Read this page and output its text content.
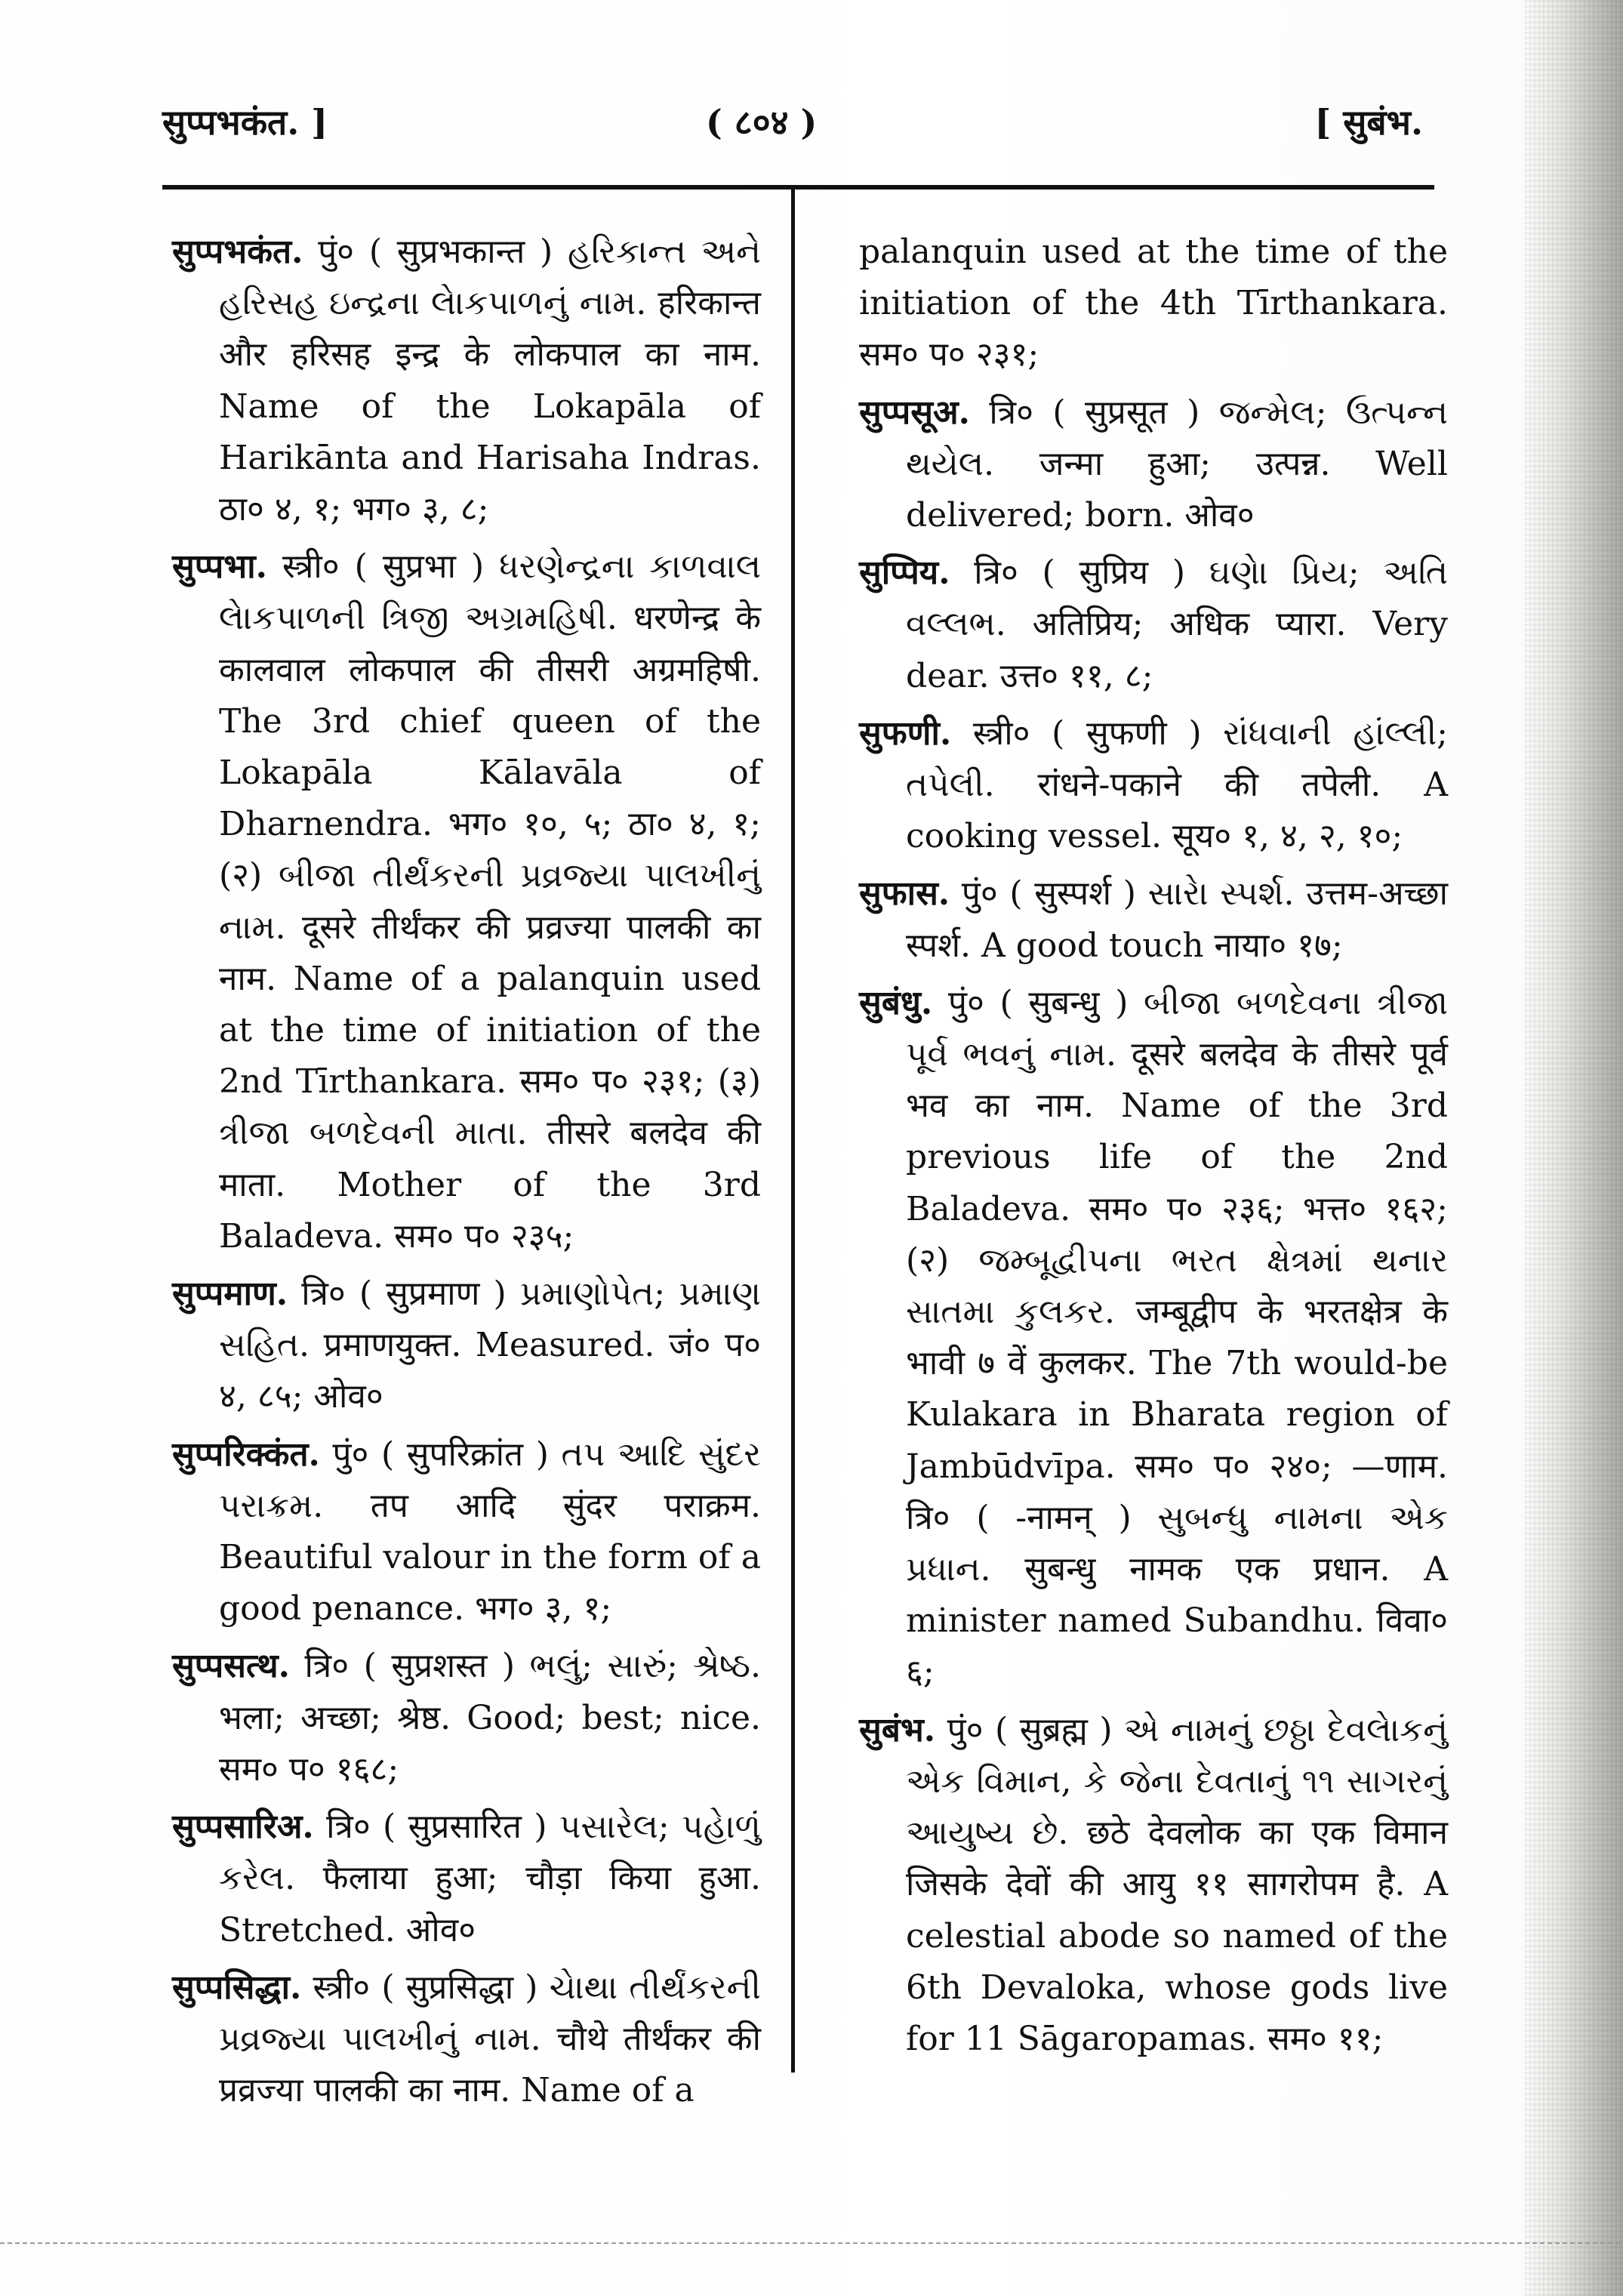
सुप्पभकंत. ]	( ८०४ )	[ सुबंभ.

सुप्पभकंत. पुं० ( सुप्रभकान्त ) હરિકાન્ત અને હરિસહ ઇન્દ્રના લેાકપાળનું નામ. हरिकान्त और हरिसह इन्द्र के लोकपाल का नाम. Name of the Lokapāla of Harikānta and Harisaha Indras. ठा० ४, १; भग० ३, ८;

सुप्पभा. स्त्री० ( सुप्रभा ) ધરણેન્દ્રના કાળવાલ લેાકપાળની ત્રિજી અગ્રમહિષી. धरणेन्द्र के कालवाल लोकपाल की तीसरी अग्रमहिषी. The 3rd chief queen of the Lokapāla Kālavāla of Dharnendra. भग० १०, ५; ठा० ४, १; (२) બીજા તીર્થંકરની પ્રવ્રજ્યા પાલખીનું નામ. दूसरे तीर्थंकर की प्रव्रज्या पालकी का नाम. Name of a palanquin used at the time of initiation of the 2nd Tīrthankara. सम० प० २३१; (३) ત્રીજા બળદેવની માતા. तीसरे बलदेव की माता. Mother of the 3rd Baladeva. सम० प० २३५;

सुप्पमाण. त्रि० ( सुप्रमाण ) પ્રમાણોપેત; પ્રમાણ સહિત. प्रमाणयुक्त. Measured. जं० प० ४, ८५; ओव०

सुप्परिक्कंत. पुं० ( सुपरिक्रांत ) તપ આદિ સુંદર પરાક્રમ. तप आदि सुंदर पराक्रम. Beautiful valour in the form of a good penance. भग० ३, १;

सुप्पसत्थ. त्रि० ( सुप्रशस्त ) ભલું; સારું; શ્રેષ્ઠ. भला; अच्छा; श्रेष्ठ. Good; best; nice. सम० प० १६८;

सुप्पसारिअ. त्रि० ( सुप्रसारित ) પસારેલ; પહેાળું કરેલ. फैलाया हुआ; चौड़ा किया हुआ. Stretched. ओव०

सुप्पसिद्धा. स्त्री० ( सुप्रसिद्धा ) ચેાથા તીર્થંકરની પ્રવ્રજ્યા પાલખીનું નામ. चौथे तीर्थंकर की प्रव्रज्या पालकी का नाम. Name of a

palanquin used at the time of the initiation of the 4th Tīrthankara. सम० प० २३१;

सुप्पसूअ. त्रि० ( सुप्रसूत ) જન્મેલ; ઉત્પન્ન થયેલ. जन्मा हुआ; उत्पन्न. Well delivered; born. ओव०

सुप्पिय. त्रि० ( सुप्रिय ) ઘણેા પ્રિય; અતિ વલ્લભ. अतिप्रिय; अधिक प्यारा. Very dear. उत्त० ११, ८;

सुफणी. स्त्री० ( सुफणी ) રાંધવાની હાંલ્લી; તપેલી. रांधने-पकाने की तपेली. A cooking vessel. सूय० १, ४, २, १०;

सुफास. पुं० ( सुस्पर्श ) સારેા સ્પર્શ. उत्तम-अच्छा स्पर्श. A good touch नाया० १७;

सुबंधु. पुं० ( सुबन्धु ) બીજા બળદેવના ત્રીજા પૂર્વ ભવનું નામ. दूसरे बलदेव के तीसरे पूर्व भव का नाम. Name of the 3rd previous life of the 2nd Baladeva. सम० प० २३६; भत्त० १६२; (२) જમ્બૂદ્વીપના ભરત ક્ષેત્રમાં થનાર સાતમા કુલકર. जम्बूद्वीप के भरतक्षेत्र के भावी ७ वें कुलकर. The 7th would-be Kulakara in Bharata region of Jambūdvīpa. सम० प० २४०; —णाम. त्रि० ( -नामन् ) સુબન્ધુ નામના એક પ્રધાન. सुबन्धु नामक एक प्रधान. A minister named Subandhu. विवा० ६;

सुबंभ. पुं० ( सुब्रह्म ) એ નામનું છઠ્ઠા દેવલેાકનું એક વિમાન, કે જેના દેવતાનું ૧૧ સાગરનું આયુષ્ય છે. छठे देवलोक का एक विमान जिसके देवों की आयु ११ सागरोपम है. A celestial abode so named of the 6th Devaloka, whose gods live for 11 Sāgaropamas. सम० ११;
